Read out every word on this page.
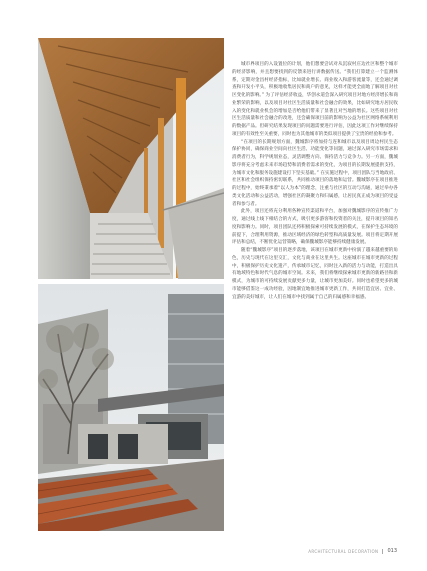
城市界项目的入设置位的计划，他们想要尝试对从沉寂村庄边社区和整个城市的经济影响，并且想要找到的反馈来进行讲数据传送。“我们打算建立一个监测体系，定期对金昌村经济指标，比如就业增长、商业收入和游客流量等，还会通过调查和开发小平头，积极地收集居民和商户的意见，这样才能更全面地了解项目对社区变化的影响。” 为了评估经济收益，华创永道会深入研究项目对地方经济增长和商业繁荣的影响，以及项目对社区生活质量和社会融合的效果，比如研究地方居民收入的变化和就业机会的增加是否给他们带来了显著且对当地的增长。这些项目对社区生活质量和社会融合的改进，还会确保项目前的影响为公益为社区网络系统利用的数据产品。但研究结果发现项目的问题需要进行评估，因此这项工作对继续保持项目的有效性至关重要，同时也为其他城市的类似项目提供了宝贵的经验和参考。

“在项目的长期规划方面，魏城影序将加持与连和城市以及项目周边村民生态保护协同，确保商业空间向社区生活、功能变化等问题，通过深入研究市场需求和消费者行为，科学规划业态，灵活调整方向、保持活力与竞争力。另一方面，魏城影序将充分考虑未来市场趋势和消费者需求的变化，为项目的长期发展提供支持，为城市文化和服务设施建设打下坚实基础。” 在实施过程中，项目团队与当地政府、社区和社会组织保持密切联系，共同推动项目的落地和运营。魏城影序在项目推进的过程中，始终秉承着“以人为本”的理念，注重与社区的互动与沟通，通过举办各类文化活动和公益活动，增强社区的凝聚力和归属感，让居民真正成为项目的受益者和参与者。

此外，项目还将充分利用各种宣传渠道和平台，加强对魏城影序的宣传推广力度，通过线上线下相结合的方式，吸引更多游客和投资者的关注，提升项目的知名度和影响力。同时，项目团队还将积极探索可持续发展的模式，在保护生态环境的前提下，合理利用资源，推动区域经济的绿色转型和高质量发展。项目将定期开展评估和总结，不断优化运营策略，确保魏城影序能够持续健康发展。

随着“魏城影序”项目的逐步落地，该项目在城市更新中扮演了越来越重要的角色，历史与现代在这里交汇，文化与商业在这里共生。这座城市在城市更新的过程中，积极保护历史文化遗产，传承城市记忆，同时注入新的活力与动能，打造出具有地域特色和时代气息的城市空间。未来，我们将继续探索城市更新的新路径和新模式，为城市的可持续发展贡献更多力量，让城市更加美好。同时也希望更多的城市能够借鉴这一成功经验，因地制宜地推进城市更新工作，共同打造宜居、宜业、宜游的美好城市，让人们在城市中找到属于自己的归属感和幸福感。

ARCHITECTURAL DECORATION 013
